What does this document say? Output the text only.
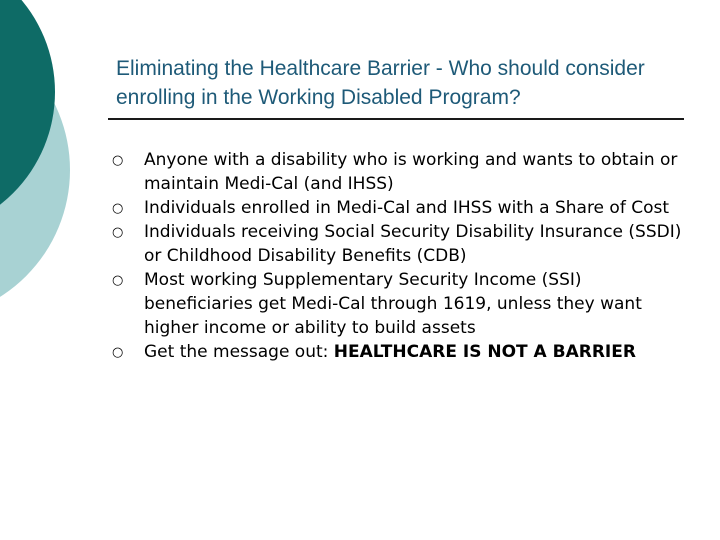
Eliminating the Healthcare Barrier - Who should consider enrolling in the Working Disabled Program?
○ Anyone with a disability who is working and wants to obtain or maintain Medi-Cal (and IHSS)
○ Individuals enrolled in Medi-Cal and IHSS with a Share of Cost
○ Individuals receiving Social Security Disability Insurance (SSDI) or Childhood Disability Benefits (CDB)
○ Most working Supplementary Security Income (SSI) beneficiaries get Medi-Cal through 1619, unless they want higher income or ability to build assets
○ Get the message out: HEALTHCARE IS NOT A BARRIER
